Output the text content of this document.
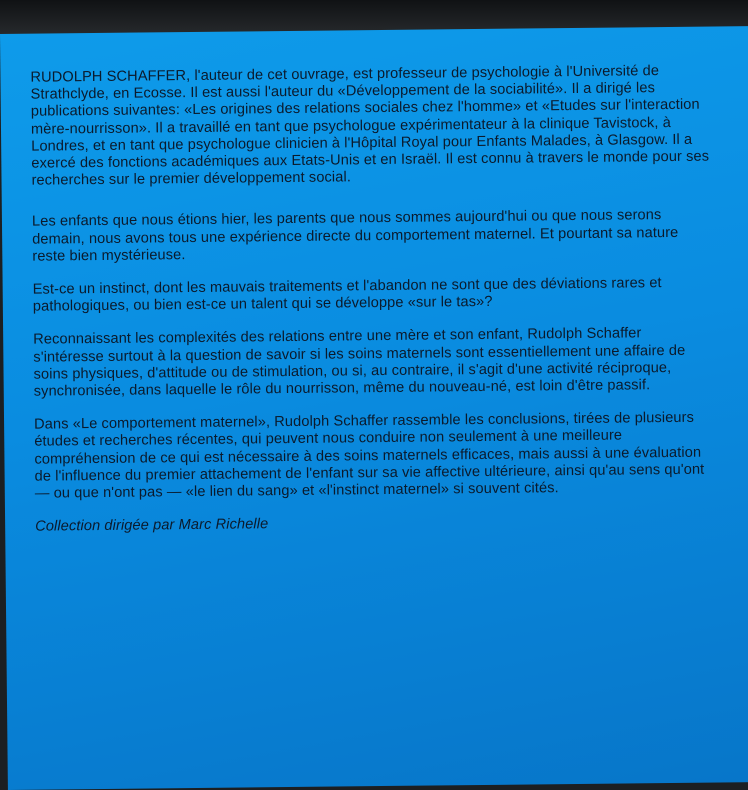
RUDOLPH SCHAFFER, l'auteur de cet ouvrage, est professeur de psychologie à l'Université de Strathclyde, en Ecosse. Il est aussi l'auteur du «Développement de la sociabilité». Il a dirigé les publications suivantes: «Les origines des relations sociales chez l'homme» et «Etudes sur l'interaction mère-nourrisson». Il a travaillé en tant que psychologue expérimentateur à la clinique Tavistock, à Londres, et en tant que psychologue clinicien à l'Hôpital Royal pour Enfants Malades, à Glasgow. Il a exercé des fonctions académiques aux Etats-Unis et en Israël. Il est connu à travers le monde pour ses recherches sur le premier développement social.

Les enfants que nous étions hier, les parents que nous sommes aujourd'hui ou que nous serons demain, nous avons tous une expérience directe du comportement maternel. Et pourtant sa nature reste bien mystérieuse.

Est-ce un instinct, dont les mauvais traitements et l'abandon ne sont que des déviations rares et pathologiques, ou bien est-ce un talent qui se développe «sur le tas»?

Reconnaissant les complexités des relations entre une mère et son enfant, Rudolph Schaffer s'intéresse surtout à la question de savoir si les soins maternels sont essentiellement une affaire de soins physiques, d'attitude ou de stimulation, ou si, au contraire, il s'agit d'une activité réciproque, synchronisée, dans laquelle le rôle du nourrisson, même du nouveau-né, est loin d'être passif.

Dans «Le comportement maternel», Rudolph Schaffer rassemble les conclusions, tirées de plusieurs études et recherches récentes, qui peuvent nous conduire non seulement à une meilleure compréhension de ce qui est nécessaire à des soins maternels efficaces, mais aussi à une évaluation de l'influence du premier attachement de l'enfant sur sa vie affective ultérieure, ainsi qu'au sens qu'ont — ou que n'ont pas — «le lien du sang» et «l'instinct maternel» si souvent cités.

Collection dirigée par Marc Richelle
